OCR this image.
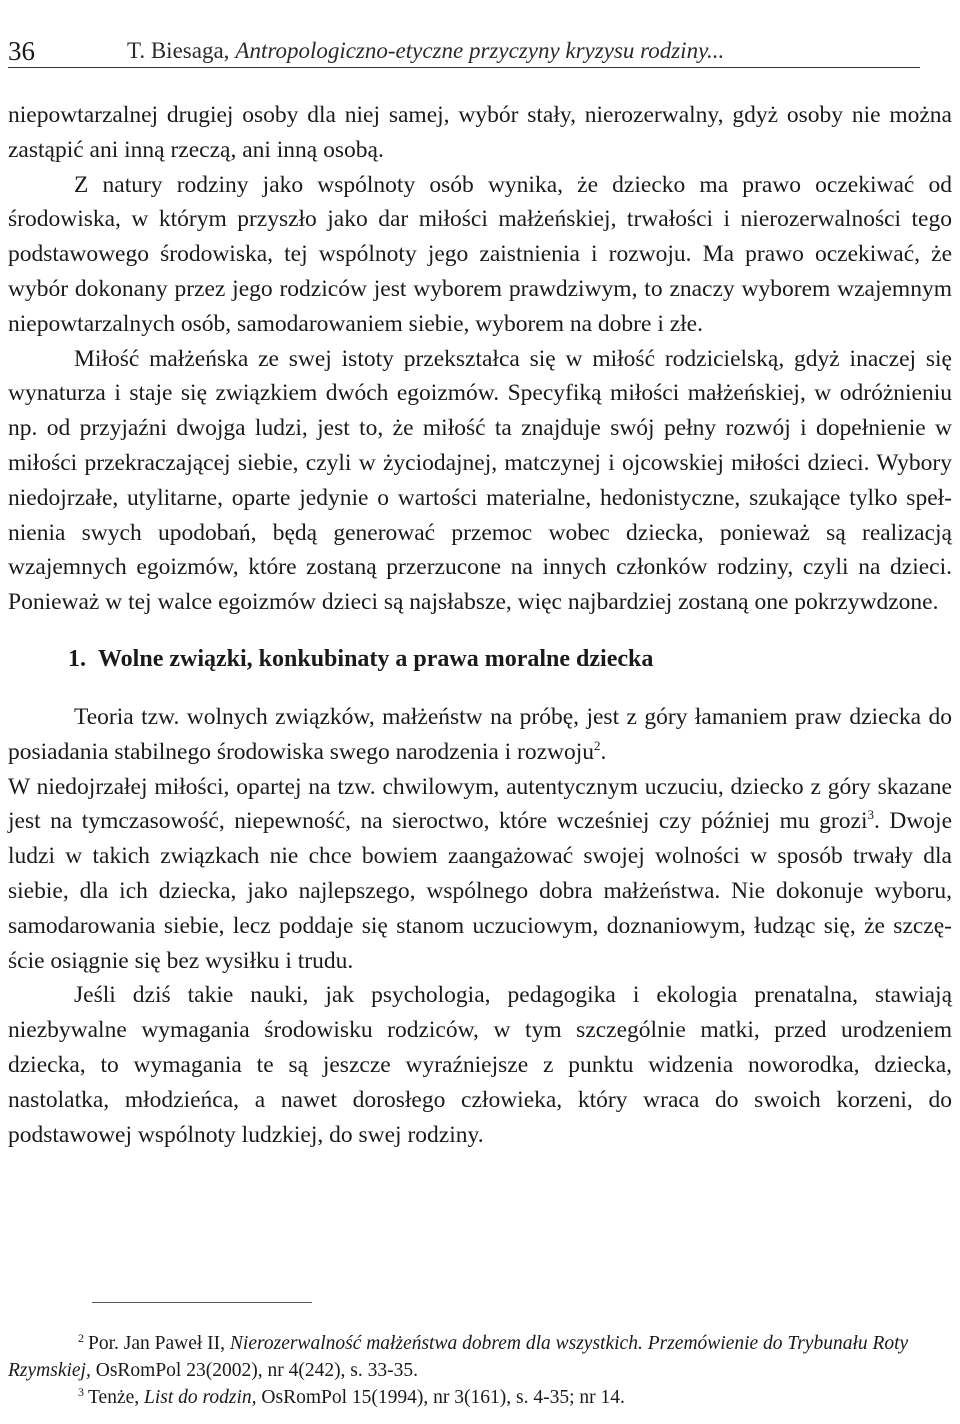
36	T. Biesaga, Antropologiczno-etyczne przyczyny kryzysu rodziny...

niepowtarzalnej drugiej osoby dla niej samej, wybór stały, nierozerwalny, gdyż osoby nie można zastąpić ani inną rzeczą, ani inną osobą.

Z natury rodziny jako wspólnoty osób wynika, że dziecko ma prawo oczekiwać od środowiska, w którym przyszło jako dar miłości małżeńskiej, trwałości i nierozerwalności tego podstawowego środowiska, tej wspólnoty jego zaistnienia i rozwoju. Ma prawo oczekiwać, że wybór dokonany przez jego rodziców jest wyborem prawdziwym, to znaczy wyborem wzajemnym niepowtarzalnych osób, samodarowaniem siebie, wyborem na dobre i złe.

Miłość małżeńska ze swej istoty przekształca się w miłość rodzicielską, gdyż inaczej się wynaturza i staje się związkiem dwóch egoizmów. Specyfiką miłości małżeńskiej, w odróżnieniu np. od przyjaźni dwojga ludzi, jest to, że miłość ta znajduje swój pełny rozwój i dopełnienie w miłości przekraczającej siebie, czyli w życiodajnej, matczynej i ojcowskiej miłości dzieci. Wybory niedojrzałe, utylitarne, oparte jedynie o wartości materialne, hedonistyczne, szukające tylko spełnienia swych upodobań, będą generować przemoc wobec dziecka, ponieważ są realizacją wzajemnych egoizmów, które zostaną przerzucone na innych członków rodziny, czyli na dzieci. Ponieważ w tej walce egoizmów dzieci są najsłabsze, więc najbardziej zostaną one pokrzywdzone.

1. Wolne związki, konkubinaty a prawa moralne dziecka

Teoria tzw. wolnych związków, małżeństw na próbę, jest z góry łamaniem praw dziecka do posiadania stabilnego środowiska swego narodzenia i rozwoju$^2$.

W niedojrzałej miłości, opartej na tzw. chwilowym, autentycznym uczuciu, dziecko z góry skazane jest na tymczasowość, niepewność, na sieroctwo, które wcześniej czy później mu grozi$^3$. Dwoje ludzi w takich związkach nie chce bowiem zaangażować swojej wolności w sposób trwały dla siebie, dla ich dziecka, jako najlepszego, wspólnego dobra małżeństwa. Nie dokonuje wyboru, samodarowania siebie, lecz poddaje się stanom uczuciowym, doznaniowym, łudząc się, że szczęście osiągnie się bez wysiłku i trudu.

Jeśli dziś takie nauki, jak psychologia, pedagogika i ekologia prenatalna, stawiają niezbywalne wymagania środowisku rodziców, w tym szczególnie matki, przed urodzeniem dziecka, to wymagania te są jeszcze wyraźniejsze z punktu widzenia noworodka, dziecka, nastolatka, młodzieńca, a nawet dorosłego człowieka, który wraca do swoich korzeni, do podstawowej wspólnoty ludzkiej, do swej rodziny.

$^2$ Por. Jan Paweł II, Nierozerwalność małżeństwa dobrem dla wszystkich. Przemówienie do Trybunału Roty Rzymskiej, OsRomPol 23(2002), nr 4(242), s. 33-35.

$^3$ Tenże, List do rodzin, OsRomPol 15(1994), nr 3(161), s. 4-35; nr 14.
